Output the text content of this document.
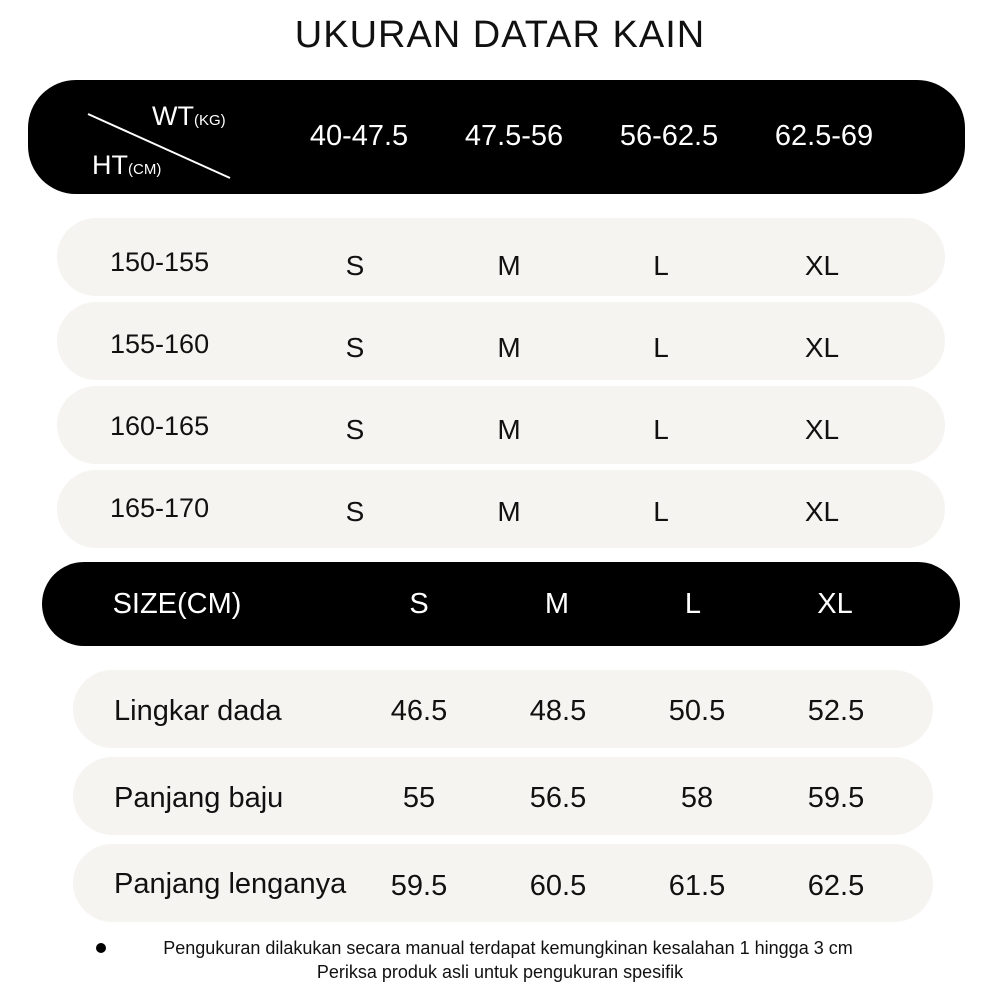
UKURAN DATAR KAIN
WT(KG)
HT(CM)
40-47.5 47.5-56 56-62.5 62.5-69
150-155	S	M	L	XL
155-160	S	M	L	XL
160-165	S	M	L	XL
165-170	S	M	L	XL
SIZE(CM)	S	M	L	XL
Lingkar dada	46.5	48.5	50.5	52.5
Panjang baju	55	56.5	58	59.5
Panjang lenganya 59.5	60.5	61.5	62.5
Pengukuran dilakukan secara manual terdapat kemungkinan kesalahan 1 hingga 3 cm
Periksa produk asli untuk pengukuran spesifik
